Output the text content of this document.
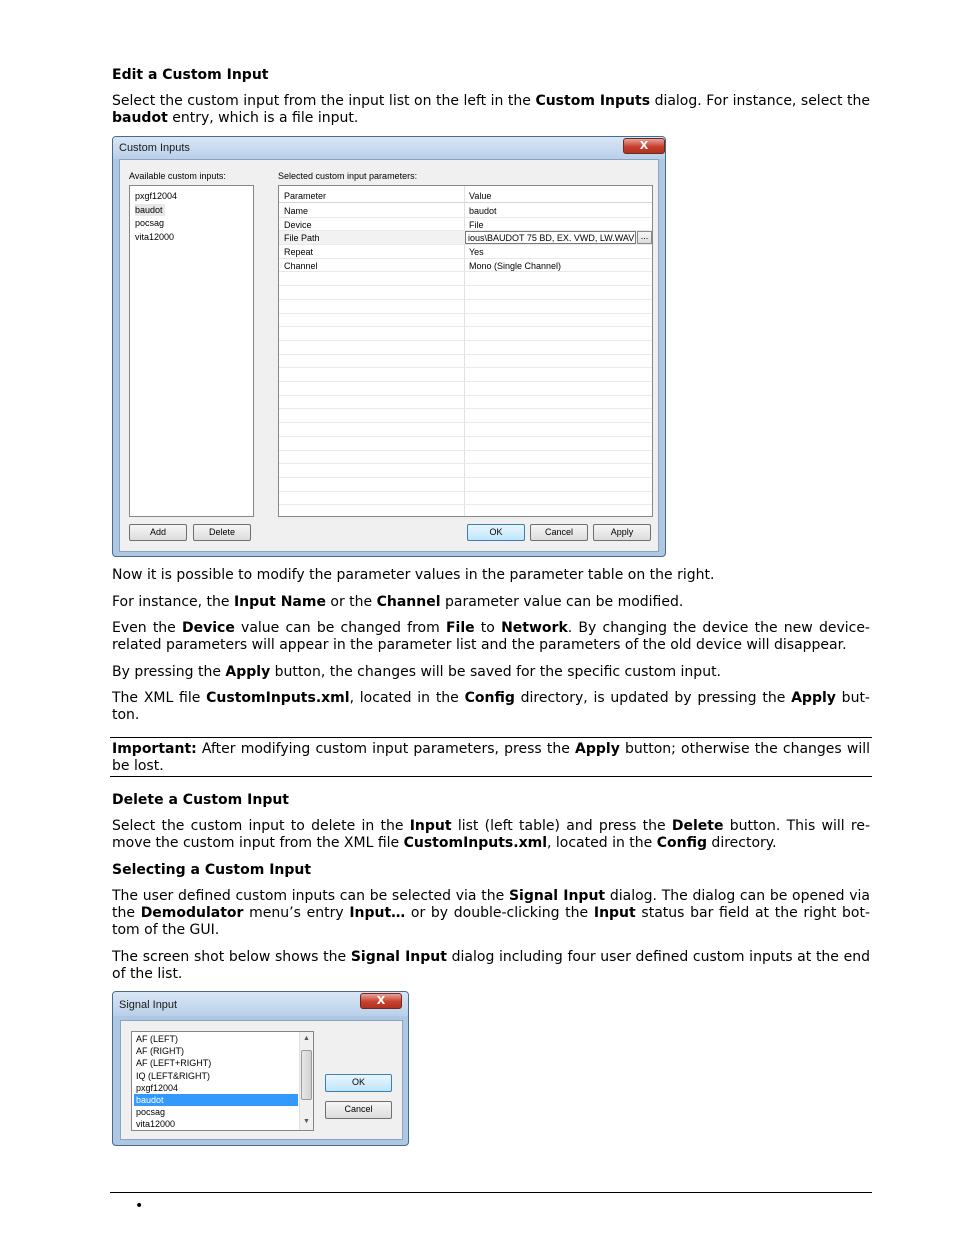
Edit a Custom Input
Select the custom input from the input list on the left in the Custom Inputs dialog. For instance, select the baudot entry, which is a file input.
Custom Inputs	X
Available custom inputs:
pxgf12004
baudot
pocsag
vita12000
Selected custom input parameters:
Parameter	Value
Name	baudot
Device	File
File Path	ious\BAUDOT 75 BD, EX. VWD, LW.WAV ...
Repeat	Yes
Channel	Mono (Single Channel)
Add	Delete	OK	Cancel	Apply
Now it is possible to modify the parameter values in the parameter table on the right.
For instance, the Input Name or the Channel parameter value can be modified.
Even the Device value can be changed from File to Network. By changing the device the new device-related parameters will appear in the parameter list and the parameters of the old device will disappear.
By pressing the Apply button, the changes will be saved for the specific custom input.
The XML file CustomInputs.xml, located in the Config directory, is updated by pressing the Apply but-ton.
Important: After modifying custom input parameters, press the Apply button; otherwise the changes will be lost.
Delete a Custom Input
Select the custom input to delete in the Input list (left table) and press the Delete button. This will re-move the custom input from the XML file CustomInputs.xml, located in the Config directory.
Selecting a Custom Input
The user defined custom inputs can be selected via the Signal Input dialog. The dialog can be opened via the Demodulator menu’s entry Input… or by double-clicking the Input status bar field at the right bot-tom of the GUI.
The screen shot below shows the Signal Input dialog including four user defined custom inputs at the end of the list.
Signal Input	X
▲
▼
AF (LEFT)
AF (RIGHT)
AF (LEFT+RIGHT)
IQ (LEFT&RIGHT)
pxgf12004
baudot
pocsag
vita12000
OK
Cancel
•
